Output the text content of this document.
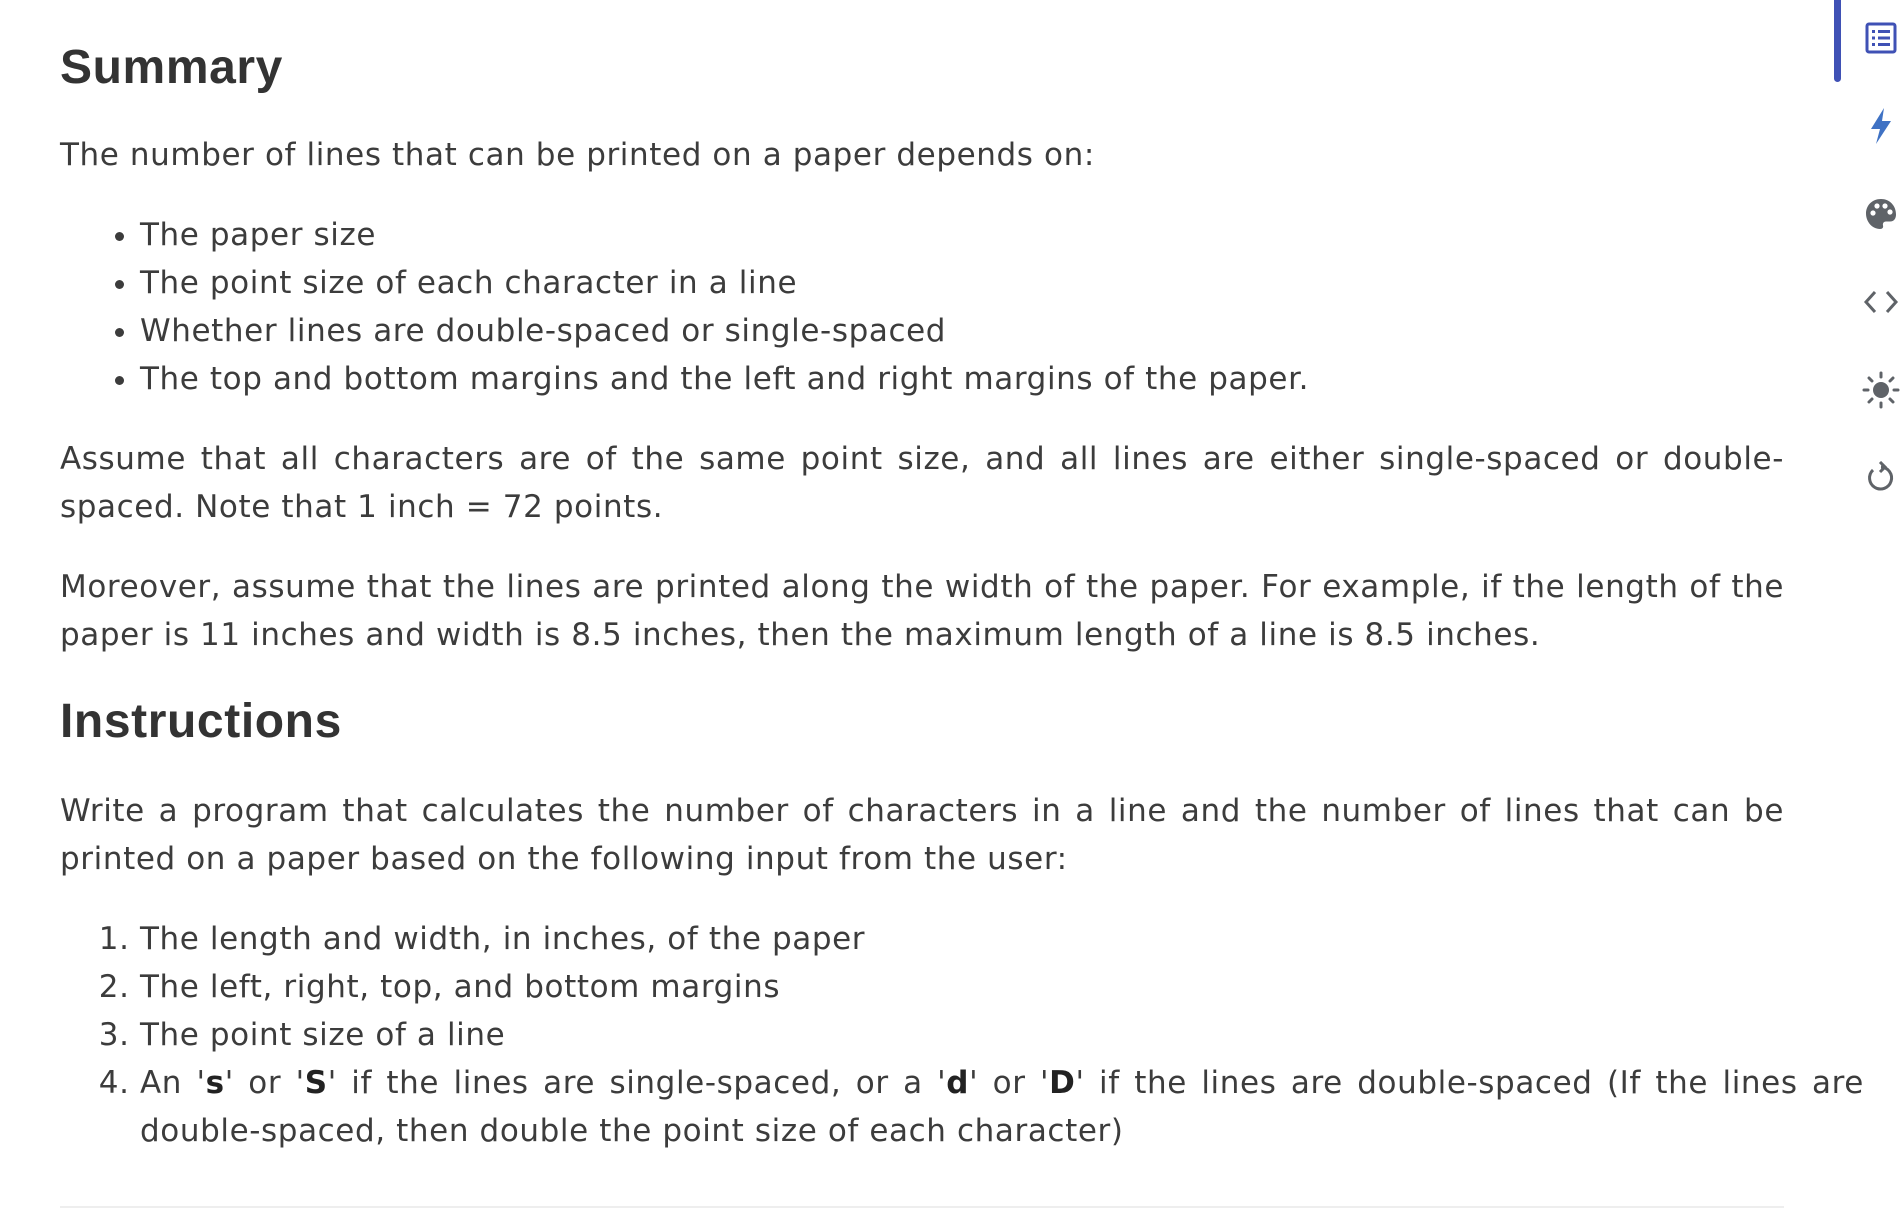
Summary

The number of lines that can be printed on a paper depends on:

• The paper size
• The point size of each character in a line
• Whether lines are double-spaced or single-spaced
• The top and bottom margins and the left and right margins of the paper.

Assume that all characters are of the same point size, and all lines are either single-spaced or double-spaced. Note that 1 inch = 72 points.

Moreover, assume that the lines are printed along the width of the paper. For example, if the length of the paper is 11 inches and width is 8.5 inches, then the maximum length of a line is 8.5 inches.

Instructions

Write a program that calculates the number of characters in a line and the number of lines that can be printed on a paper based on the following input from the user:

1. The length and width, in inches, of the paper
2. The left, right, top, and bottom margins
3. The point size of a line
4. An 's' or 'S' if the lines are single-spaced, or a 'd' or 'D' if the lines are double-spaced (If the lines are double-spaced, then double the point size of each character)
